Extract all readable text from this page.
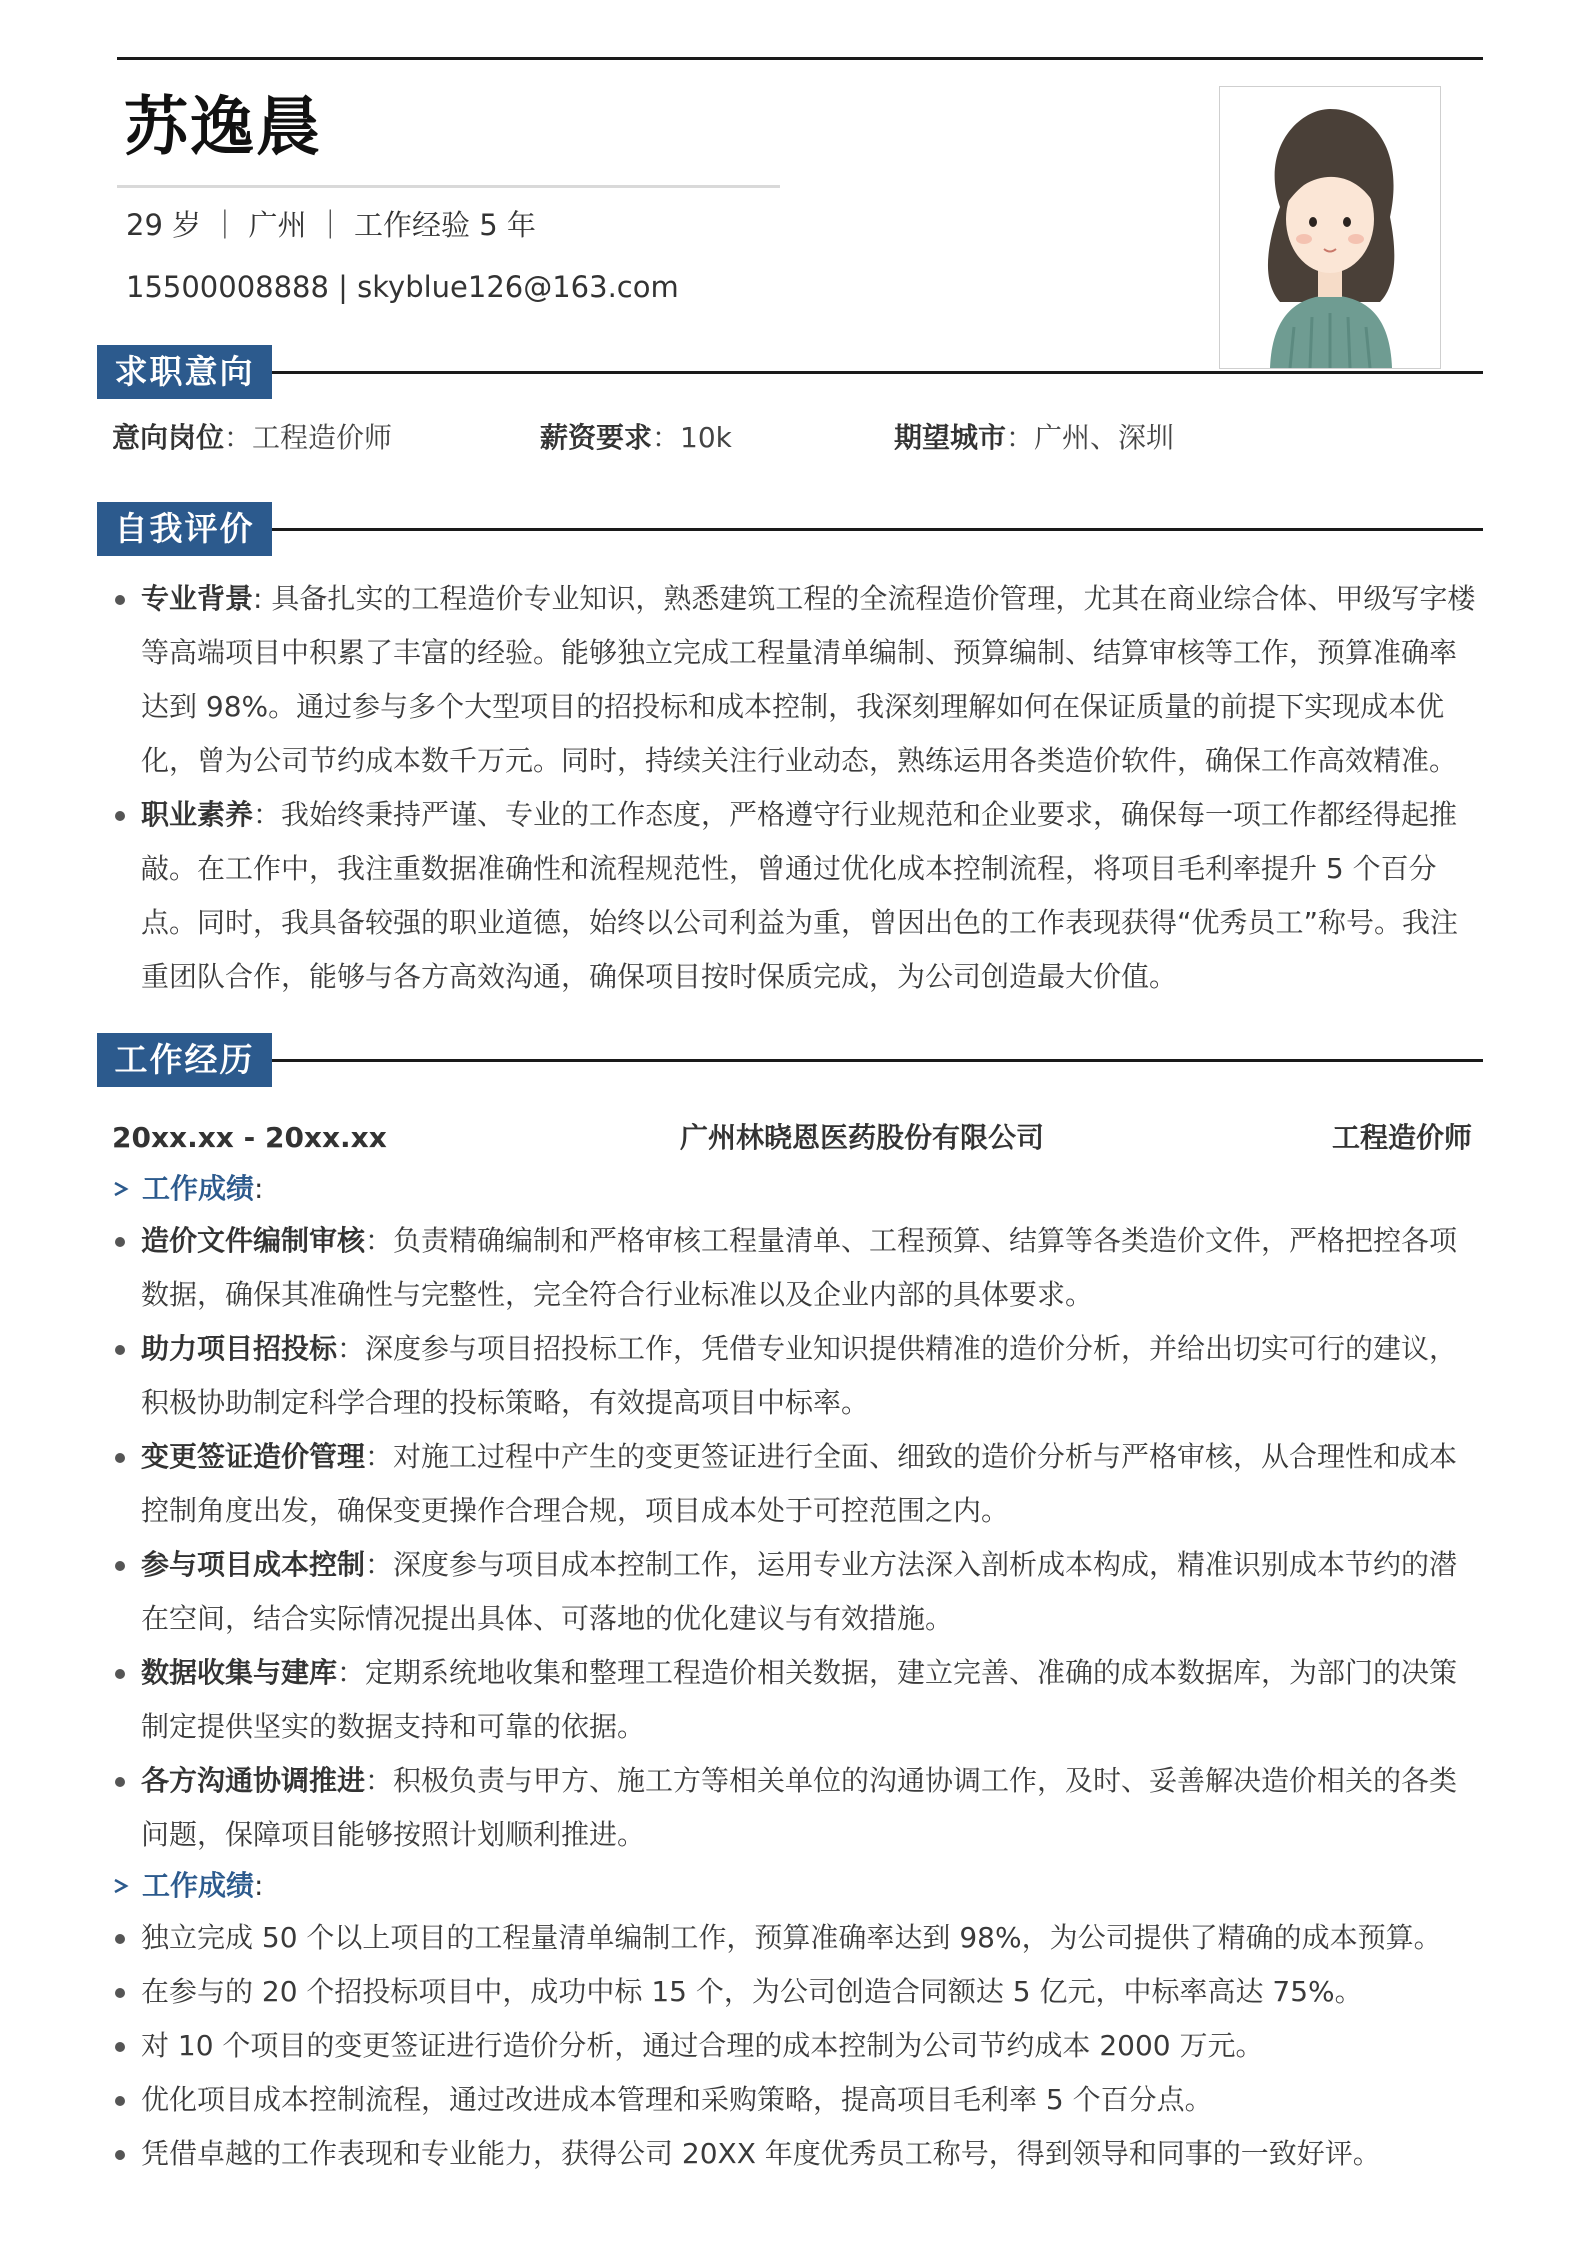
苏逸晨
29 岁 ｜ 广州 ｜ 工作经验 5 年
15500008888 | skyblue126@163.com
求职意向
意向岗位：工程造价师	薪资要求：10k	期望城市：广州、深圳
自我评价
专业背景: 具备扎实的工程造价专业知识，熟悉建筑工程的全流程造价管理，尤其在商业综合体、甲级写字楼等高端项目中积累了丰富的经验。能够独立完成工程量清单编制、预算编制、结算审核等工作，预算准确率达到 98%。通过参与多个大型项目的招投标和成本控制，我深刻理解如何在保证质量的前提下实现成本优化，曾为公司节约成本数千万元。同时，持续关注行业动态，熟练运用各类造价软件，确保工作高效精准。
职业素养：我始终秉持严谨、专业的工作态度，严格遵守行业规范和企业要求，确保每一项工作都经得起推敲。在工作中，我注重数据准确性和流程规范性，曾通过优化成本控制流程，将项目毛利率提升 5 个百分点。同时，我具备较强的职业道德，始终以公司利益为重，曾因出色的工作表现获得“优秀员工”称号。我注重团队合作，能够与各方高效沟通，确保项目按时保质完成，为公司创造最大价值。
工作经历
20xx.xx - 20xx.xx	广州林晓恩医药股份有限公司	工程造价师
工作成绩:
造价文件编制审核：负责精确编制和严格审核工程量清单、工程预算、结算等各类造价文件，严格把控各项数据，确保其准确性与完整性，完全符合行业标准以及企业内部的具体要求。
助力项目招投标：深度参与项目招投标工作，凭借专业知识提供精准的造价分析，并给出切实可行的建议，积极协助制定科学合理的投标策略，有效提高项目中标率。
变更签证造价管理：对施工过程中产生的变更签证进行全面、细致的造价分析与严格审核，从合理性和成本控制角度出发，确保变更操作合理合规，项目成本处于可控范围之内。
参与项目成本控制：深度参与项目成本控制工作，运用专业方法深入剖析成本构成，精准识别成本节约的潜在空间，结合实际情况提出具体、可落地的优化建议与有效措施。
数据收集与建库：定期系统地收集和整理工程造价相关数据，建立完善、准确的成本数据库，为部门的决策制定提供坚实的数据支持和可靠的依据。
各方沟通协调推进：积极负责与甲方、施工方等相关单位的沟通协调工作，及时、妥善解决造价相关的各类问题，保障项目能够按照计划顺利推进。
工作成绩:
独立完成 50 个以上项目的工程量清单编制工作，预算准确率达到 98%，为公司提供了精确的成本预算。
在参与的 20 个招投标项目中，成功中标 15 个，为公司创造合同额达 5 亿元，中标率高达 75%。
对 10 个项目的变更签证进行造价分析，通过合理的成本控制为公司节约成本 2000 万元。
优化项目成本控制流程，通过改进成本管理和采购策略，提高项目毛利率 5 个百分点。
凭借卓越的工作表现和专业能力，获得公司 20XX 年度优秀员工称号，得到领导和同事的一致好评。
